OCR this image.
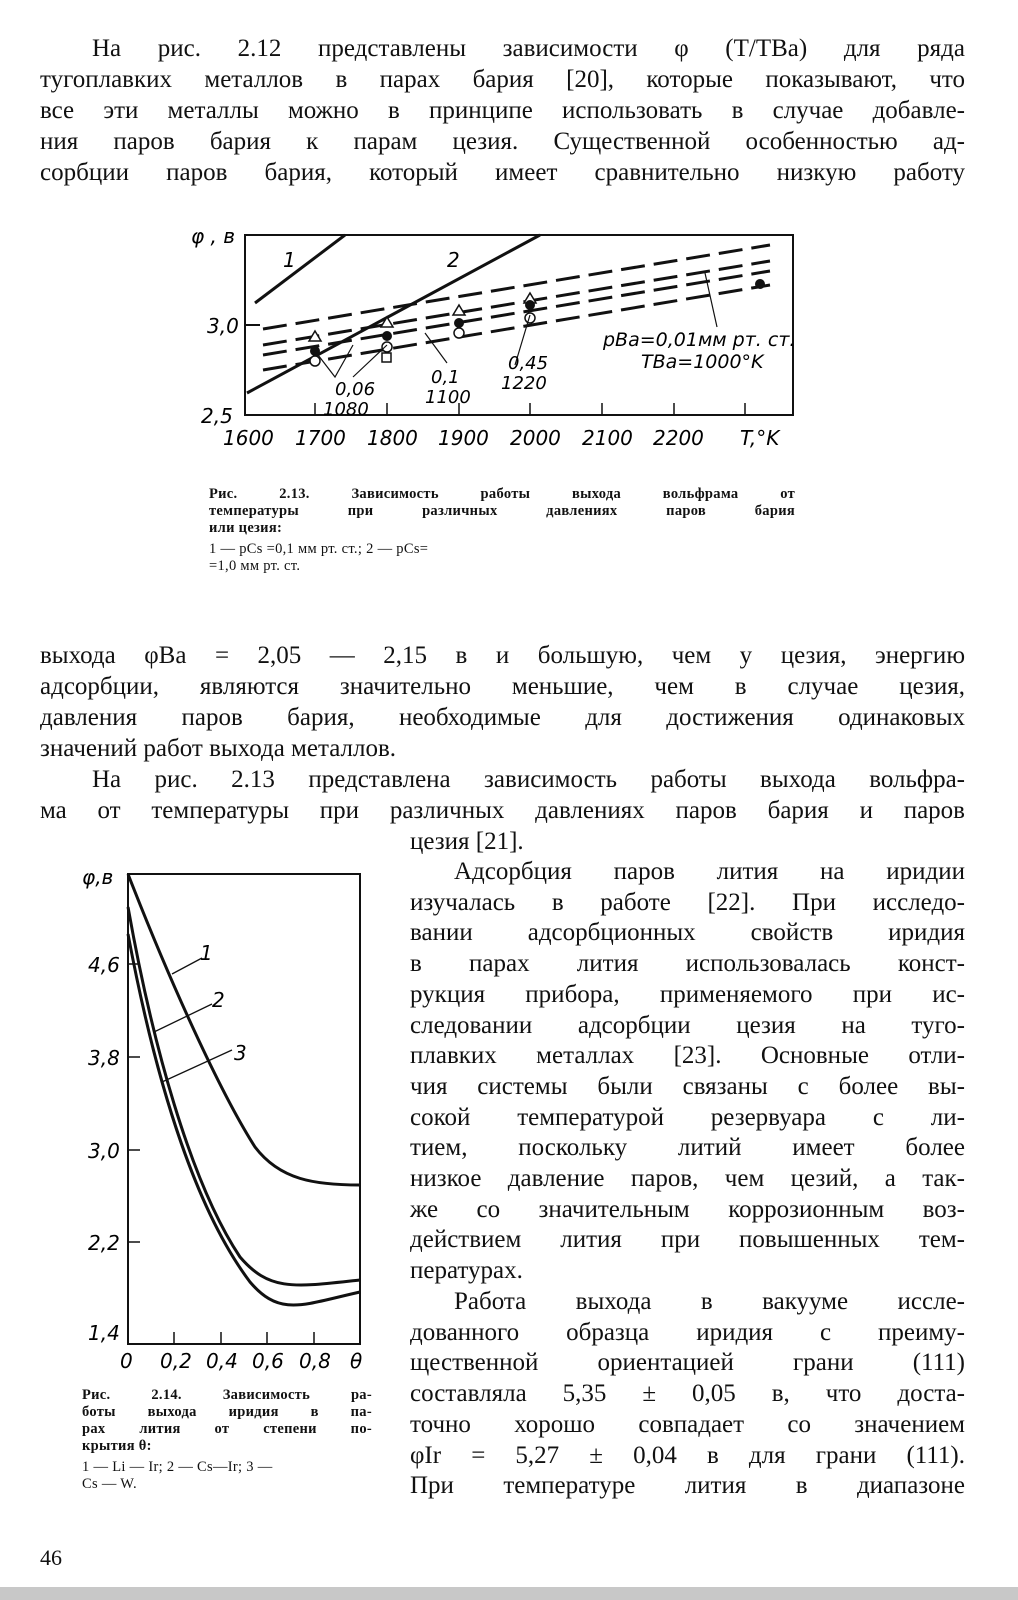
На рис. 2.12 представлены зависимости φ (T/TBa) для ряда
тугоплавких металлов в парах бария [20], которые показывают, что
все эти металлы можно в принципе использовать в случае добавле-
ния паров бария к парам цезия. Существенной особенностью ад-
сорбции паров бария, который имеет сравнительно низкую работу
φ , в
3,0
2,5
1600 1700 1800 1900 2000 2100 2200 T,°K
1	2
pBa=0,01мм рт. ст.
TBa=1000°K
0,06
1080
0,1
1100
0,45
1220
Рис. 2.13. Зависимость работы выхода вольфрама от
температуры при различных давлениях паров бария
или цезия:
1 — pCs =0,1 мм рт. ст.; 2 — pCs=
=1,0 мм рт. ст.
выхода φBa = 2,05 — 2,15 в и большую, чем у цезия, энергию
адсорбции, являются значительно меньшие, чем в случае цезия,
давления паров бария, необходимые для достижения одинаковых
значений работ выхода металлов.
На рис. 2.13 представлена зависимость работы выхода вольфра-
ма от температуры при различных давлениях паров бария и паров
цезия [21].
φ,в
4,6
3,8
3,0
2,2
1,4
0 0,2 0,4 0,6 0,8 θ
1
2
3
Рис. 2.14. Зависимость ра-
боты выхода иридия в па-
рах лития от степени по-
крытия θ:
1 — Li — Ir; 2 — Cs—Ir; 3 —
Cs — W.
Адсорбция паров лития на иридии
изучалась в работе [22]. При исследо-
вании адсорбционных свойств иридия
в парах лития использовалась конст-
рукция прибора, применяемого при ис-
следовании адсорбции цезия на туго-
плавких металлах [23]. Основные отли-
чия системы были связаны с более вы-
сокой температурой резервуара с ли-
тием, поскольку литий имеет более
низкое давление паров, чем цезий, а так-
же со значительным коррозионным воз-
действием лития при повышенных тем-
пературах.
Работа выхода в вакууме иссле-
дованного образца иридия с преиму-
щественной ориентацией грани (111)
составляла 5,35 ± 0,05 в, что доста-
точно хорошо совпадает со значением
φIr = 5,27 ± 0,04 в для грани (111).
При температуре лития в диапазоне
46
